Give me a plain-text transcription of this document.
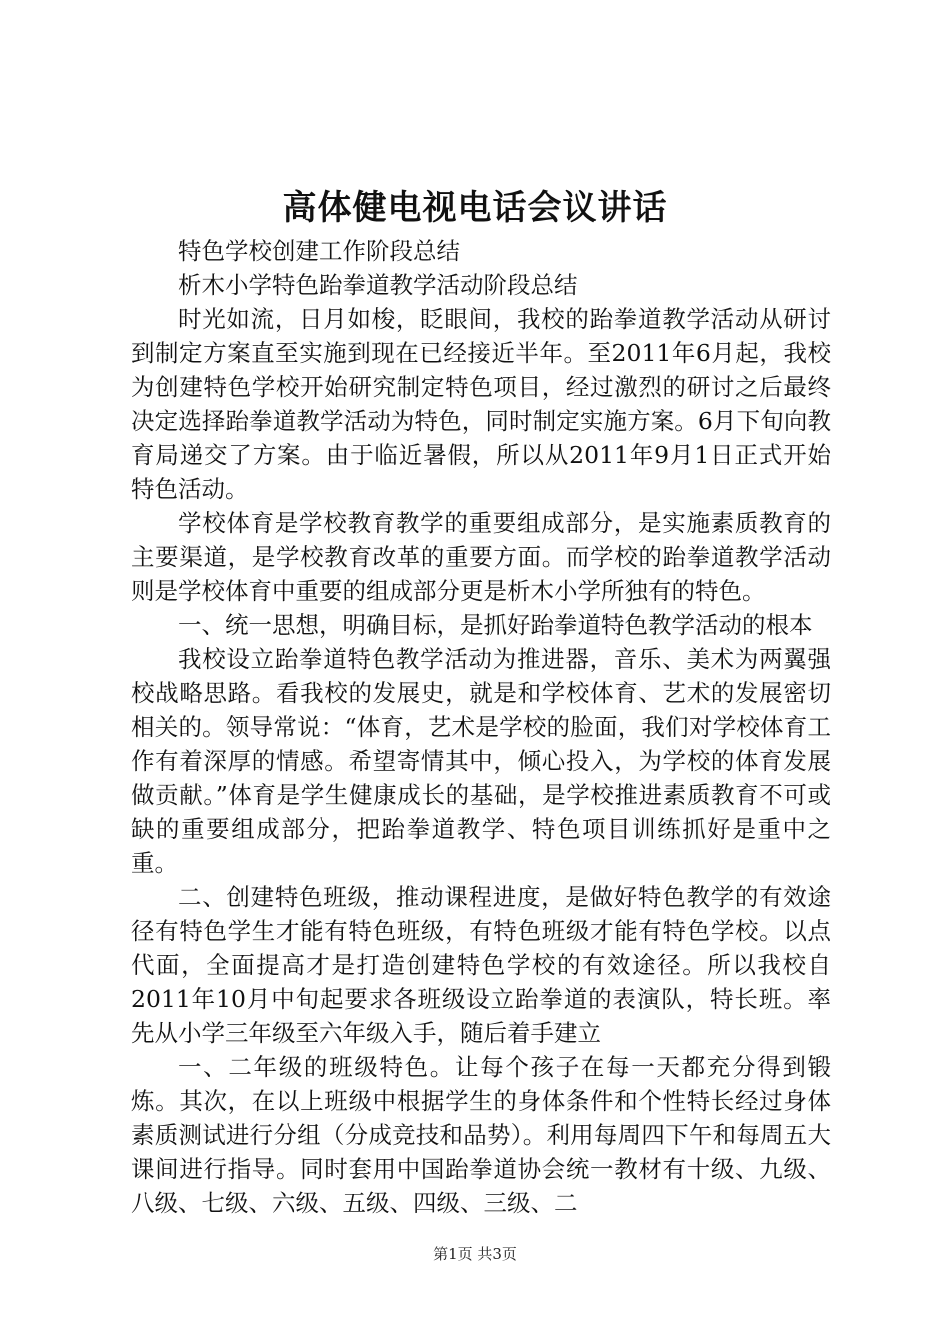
高体健电视电话会议讲话

特色学校创建工作阶段总结

析木小学特色跆拳道教学活动阶段总结

时光如流，日月如梭，眨眼间，我校的跆拳道教学活动从研讨到制定方案直至实施到现在已经接近半年。至2011年6月起，我校为创建特色学校开始研究制定特色项目，经过激烈的研讨之后最终决定选择跆拳道教学活动为特色，同时制定实施方案。6月下旬向教育局递交了方案。由于临近暑假，所以从2011年9月1日正式开始特色活动。

学校体育是学校教育教学的重要组成部分，是实施素质教育的主要渠道，是学校教育改革的重要方面。而学校的跆拳道教学活动则是学校体育中重要的组成部分更是析木小学所独有的特色。

一、统一思想，明确目标，是抓好跆拳道特色教学活动的根本

我校设立跆拳道特色教学活动为推进器，音乐、美术为两翼强校战略思路。看我校的发展史，就是和学校体育、艺术的发展密切相关的。领导常说：“体育，艺术是学校的脸面，我们对学校体育工作有着深厚的情感。希望寄情其中，倾心投入，为学校的体育发展做贡献。”体育是学生健康成长的基础，是学校推进素质教育不可或缺的重要组成部分，把跆拳道教学、特色项目训练抓好是重中之重。

二、创建特色班级，推动课程进度，是做好特色教学的有效途径有特色学生才能有特色班级，有特色班级才能有特色学校。以点代面，全面提高才是打造创建特色学校的有效途径。所以我校自2011年10月中旬起要求各班级设立跆拳道的表演队，特长班。率先从小学三年级至六年级入手，随后着手建立

一、二年级的班级特色。让每个孩子在每一天都充分得到锻炼。其次，在以上班级中根据学生的身体条件和个性特长经过身体素质测试进行分组（分成竞技和品势）。利用每周四下午和每周五大课间进行指导。同时套用中国跆拳道协会统一教材有十级、九级、八级、七级、六级、五级、四级、三级、二

第1页 共3页
